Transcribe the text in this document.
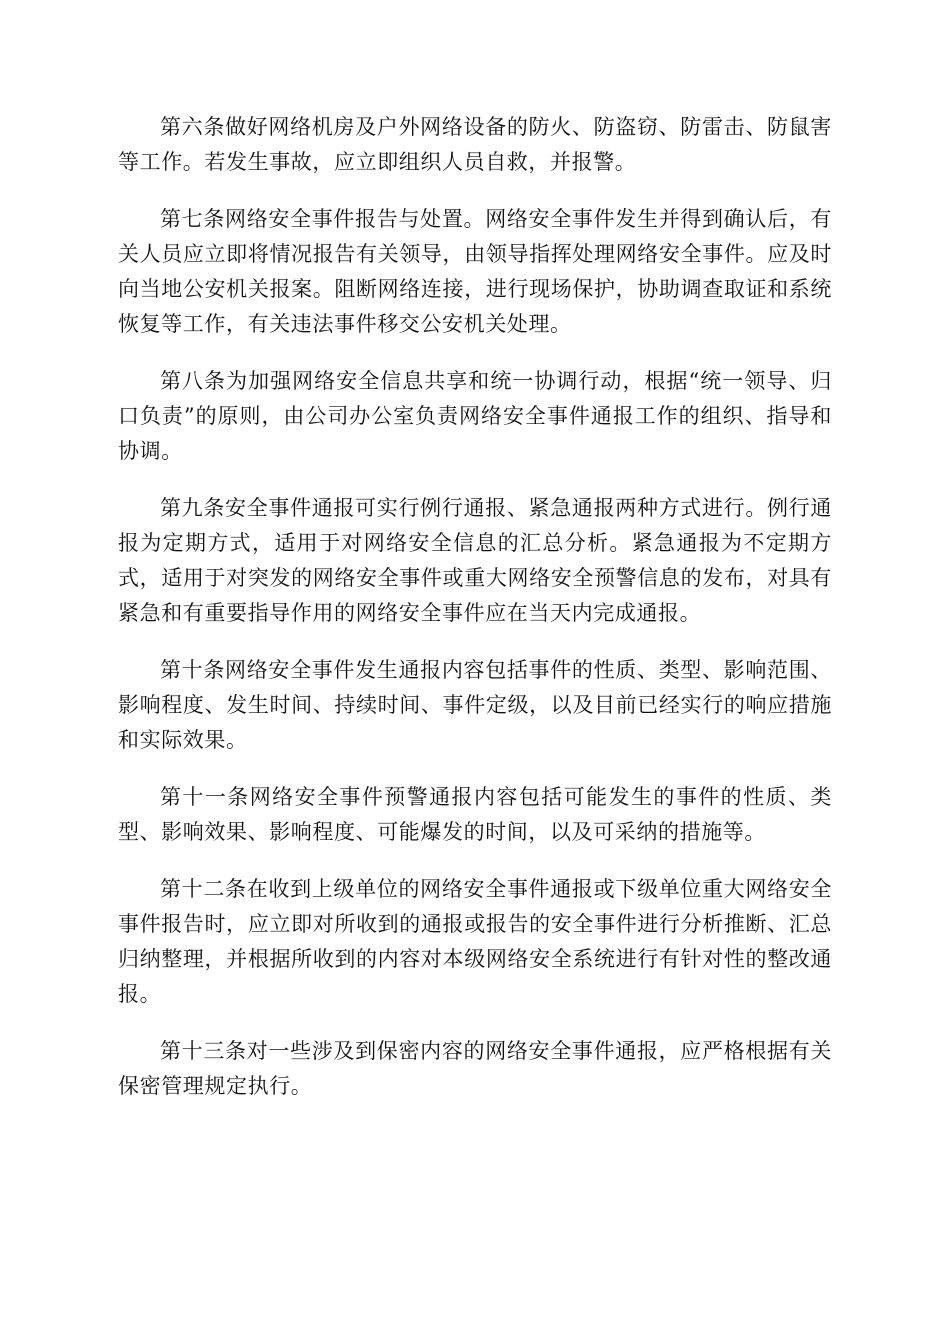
第六条做好网络机房及户外网络设备的防火、防盗窃、防雷击、防鼠害等工作。若发生事故，应立即组织人员自救，并报警。

第七条网络安全事件报告与处置。网络安全事件发生并得到确认后，有关人员应立即将情况报告有关领导，由领导指挥处理网络安全事件。应及时向当地公安机关报案。阻断网络连接，进行现场保护，协助调查取证和系统恢复等工作，有关违法事件移交公安机关处理。

第八条为加强网络安全信息共享和统一协调行动，根据“统一领导、归口负责”的原则，由公司办公室负责网络安全事件通报工作的组织、指导和协调。

第九条安全事件通报可实行例行通报、紧急通报两种方式进行。例行通报为定期方式，适用于对网络安全信息的汇总分析。紧急通报为不定期方式，适用于对突发的网络安全事件或重大网络安全预警信息的发布，对具有紧急和有重要指导作用的网络安全事件应在当天内完成通报。

第十条网络安全事件发生通报内容包括事件的性质、类型、影响范围、影响程度、发生时间、持续时间、事件定级，以及目前已经实行的响应措施和实际效果。

第十一条网络安全事件预警通报内容包括可能发生的事件的性质、类型、影响效果、影响程度、可能爆发的时间，以及可采纳的措施等。

第十二条在收到上级单位的网络安全事件通报或下级单位重大网络安全事件报告时，应立即对所收到的通报或报告的安全事件进行分析推断、汇总归纳整理，并根据所收到的内容对本级网络安全系统进行有针对性的整改通报。

第十三条对一些涉及到保密内容的网络安全事件通报，应严格根据有关保密管理规定执行。
